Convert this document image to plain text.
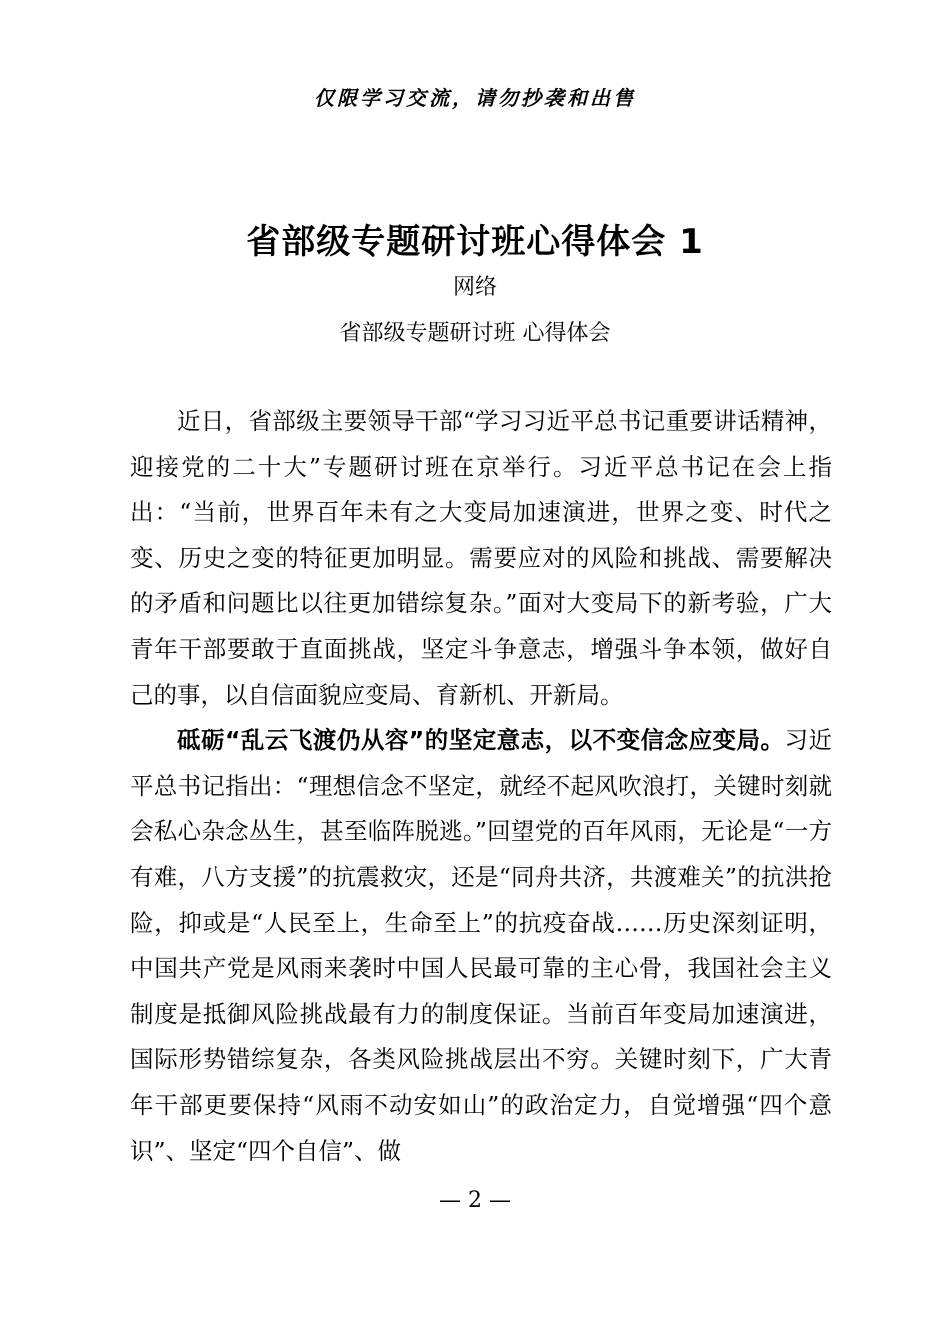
仅限学习交流，请勿抄袭和出售
省部级专题研讨班心得体会 1
网络
省部级专题研讨班 心得体会

近日，省部级主要领导干部“学习习近平总书记重要讲话精神，迎接党的二十大”专题研讨班在京举行。习近平总书记在会上指出：“当前，世界百年未有之大变局加速演进，世界之变、时代之变、历史之变的特征更加明显。需要应对的风险和挑战、需要解决的矛盾和问题比以往更加错综复杂。”面对大变局下的新考验，广大青年干部要敢于直面挑战，坚定斗争意志，增强斗争本领，做好自己的事，以自信面貌应变局、育新机、开新局。

砥砺“乱云飞渡仍从容”的坚定意志，以不变信念应变局。习近平总书记指出：“理想信念不坚定，就经不起风吹浪打，关键时刻就会私心杂念丛生，甚至临阵脱逃。”回望党的百年风雨，无论是“一方有难，八方支援”的抗震救灾，还是“同舟共济，共渡难关”的抗洪抢险，抑或是“人民至上，生命至上”的抗疫奋战……历史深刻证明，中国共产党是风雨来袭时中国人民最可靠的主心骨，我国社会主义制度是抵御风险挑战最有力的制度保证。当前百年变局加速演进，国际形势错综复杂，各类风险挑战层出不穷。关键时刻下，广大青年干部更要保持“风雨不动安如山”的政治定力，自觉增强“四个意识”、坚定“四个自信”、做

— 2 —
